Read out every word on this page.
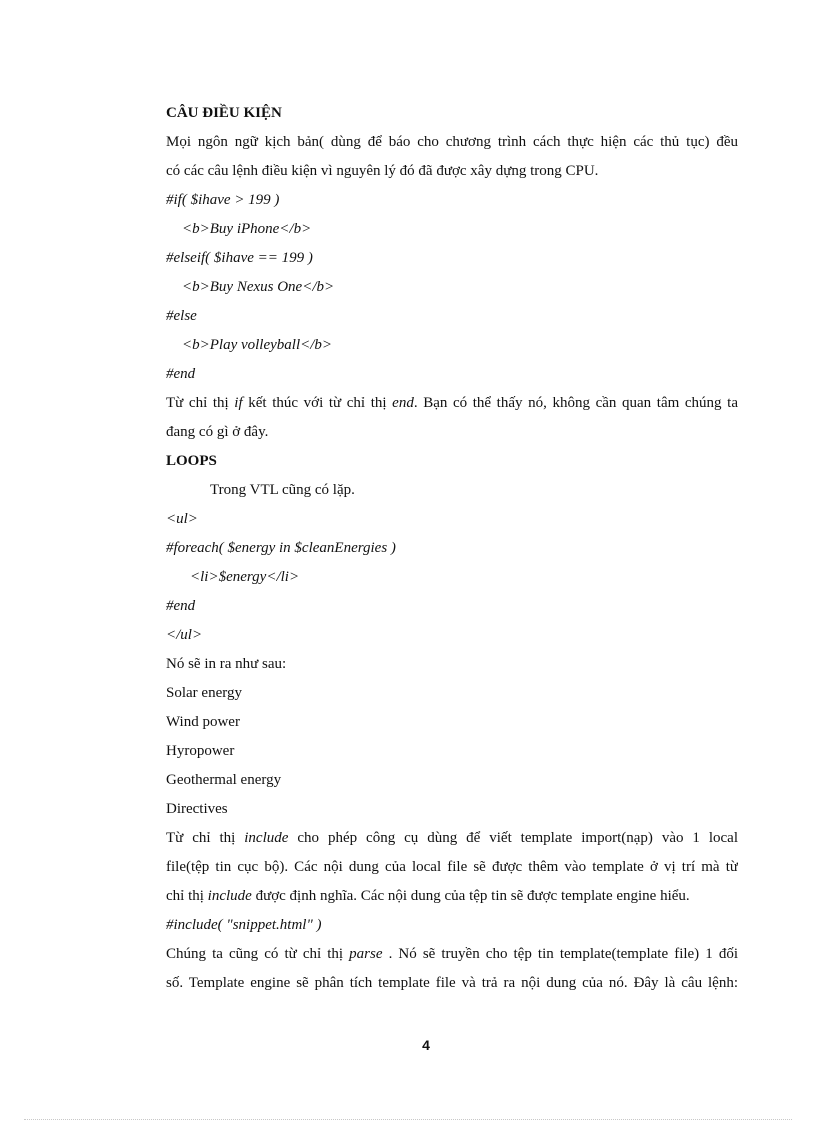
CÂU ĐIỀU KIỆN
Mọi ngôn ngữ kịch bản( dùng để báo cho chương trình cách thực hiện các thủ tục) đều
có các câu lệnh điều kiện vì nguyên lý đó đã được xây dựng trong CPU.
#if( $ihave > 199 )
<b>Buy iPhone</b>
#elseif( $ihave == 199 )
<b>Buy Nexus One</b>
#else
<b>Play volleyball</b>
#end
Từ chỉ thị if kết thúc với từ chỉ thị end. Bạn có thể thấy nó, không cần quan tâm chúng ta
đang có gì ở đây.
LOOPS
Trong VTL cũng có lặp.
<ul>
#foreach( $energy in $cleanEnergies )
<li>$energy</li>
#end
</ul>
Nó sẽ in ra như sau:
Solar energy
Wind power
Hyropower
Geothermal energy
Directives
Từ chỉ thị include cho phép công cụ dùng để viết template import(nạp) vào 1 local
file(tệp tin cục bộ). Các nội dung của local file sẽ được thêm vào template ở vị trí mà từ
chỉ thị include được định nghĩa. Các nội dung của tệp tin sẽ được template engine hiểu.
#include( "snippet.html" )
Chúng ta cũng có từ chỉ thị parse . Nó sẽ truyền cho tệp tin template(template file) 1 đối
số. Template engine sẽ phân tích template file và trả ra nội dung của nó. Đây là câu lệnh:
4
